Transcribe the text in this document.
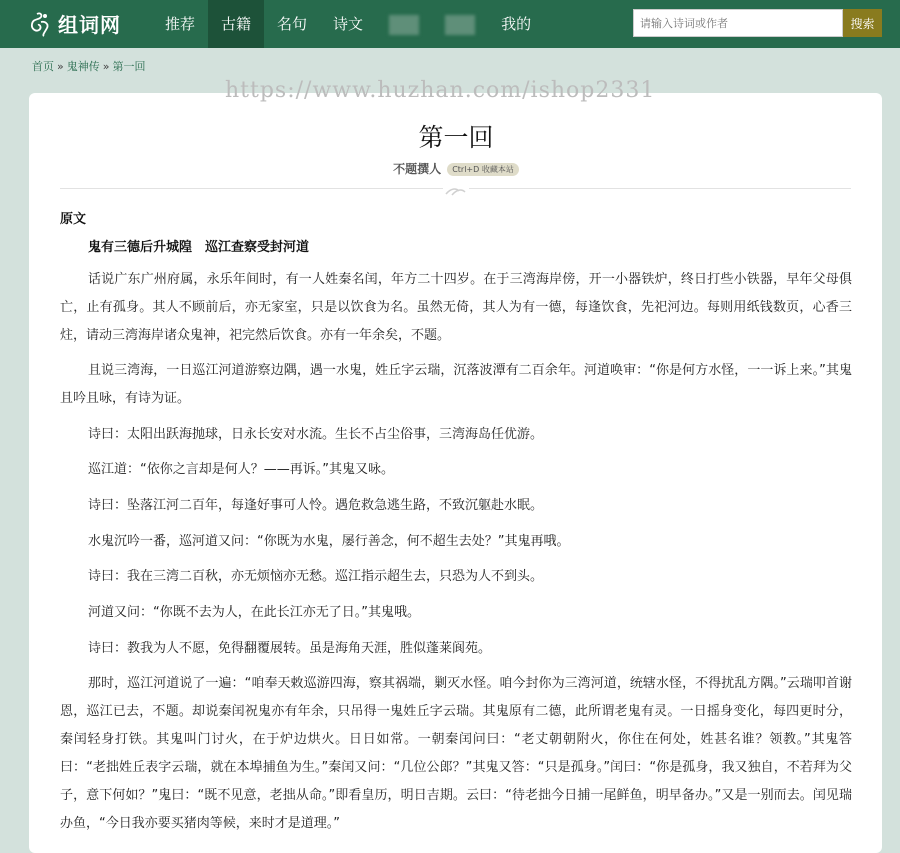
组词网	推荐	古籍	名句	诗文	我的
请输入诗词或作者	搜索
首页 » 鬼神传 » 第一回
https://www.huzhan.com/ishop2331
第一回
不题撰人 Ctrl+D 收藏本站
原文
鬼有三德后升城隍　巡江查察受封河道

话说广东广州府属，永乐年间时，有一人姓秦名闰，年方二十四岁。在于三湾海岸傍，开一小器铁炉，终日打些小铁器，早年父母俱亡，止有孤身。其人不顾前后，亦无家室，只是以饮食为名。虽然无倚，其人为有一德，每逢饮食，先祀河边。每则用纸钱数页，心香三炷，请动三湾海岸诸众鬼神，祀完然后饮食。亦有一年余矣，不题。

且说三湾海，一日巡江河道游察边隅，遇一水鬼，姓丘字云瑞，沉落波潭有二百余年。河道唤审：“你是何方水怪，一一诉上来。”其鬼且吟且咏，有诗为证。

诗曰：太阳出跃海抛球，日永长安对水流。生长不占尘俗事，三湾海岛任优游。

巡江道：“依你之言却是何人？——再诉。”其鬼又咏。

诗曰：坠落江河二百年，每逢好事可人怜。遇危救急逃生路，不致沉躯赴水眠。

水鬼沉吟一番，巡河道又问：“你既为水鬼，屡行善念，何不超生去处？”其鬼再哦。

诗曰：我在三湾二百秋，亦无烦恼亦无愁。巡江指示超生去，只恐为人不到头。

河道又问：“你既不去为人，在此长江亦无了日。”其鬼哦。

诗曰：教我为人不愿，免得翻覆展转。虽是海角天涯，胜似蓬莱阆苑。

那时，巡江河道说了一遍：“咱奉天敕巡游四海，察其祸端，剿灭水怪。咱今封你为三湾河道，统辖水怪，不得扰乱方隅。”云瑞叩首谢恩，巡江已去，不题。却说秦闰祝鬼亦有年余，只吊得一鬼姓丘字云瑞。其鬼原有二德，此所谓老鬼有灵。一日摇身变化，每四更时分，秦闰轻身打铁。其鬼叫门讨火，在于炉边烘火。日日如常。一朝秦闰问曰：“老丈朝朝附火，你住在何处，姓甚名谁？领教。”其鬼答曰：“老拙姓丘表字云瑞，就在本埠捕鱼为生。”秦闰又问：“几位公郎？”其鬼又答：“只是孤身。”闰曰：“你是孤身，我又独自，不若拜为父子，意下何如？”鬼曰：“既不见意，老拙从命。”即看皇历，明日吉期。云曰：“待老拙今日捕一尾鲜鱼，明早备办。”又是一别而去。闰见瑞办鱼，“今日我亦要买猪肉等候，来时才是道理。”
